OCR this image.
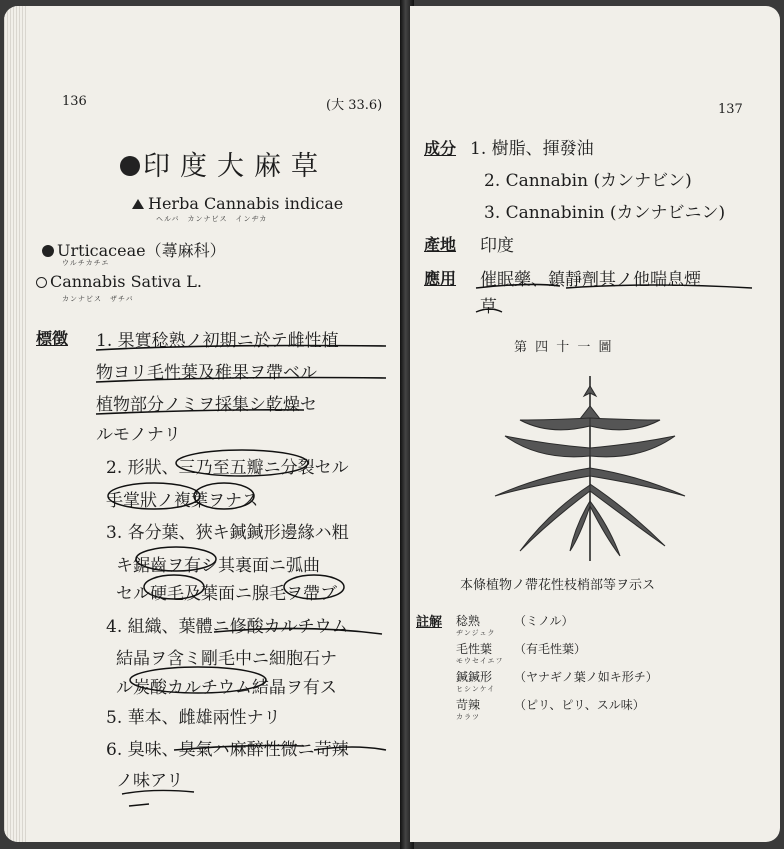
136	(大 33.6)
印度大麻草
Herba Cannabis indicae
ヘルバ　カンナビス　インヂカ
Urticaceae（蕁麻科）
ウルチカチエ
Cannabis Sativa L.
カンナビス　ザチバ
標徴 1. 果實稔熟ノ初期ニ於テ雌性植
物ヨリ毛性葉及稚果ヲ帶ベル
植物部分ノミヲ採集シ乾燥セ
ルモノナリ
2. 形狀、三乃至五瓣ニ分裂セル
手掌狀ノ複葉ヲナス
3. 各分葉、狹キ鍼鍼形邊緣ハ粗
キ鋸齒ヲ有シ其裏面ニ弧曲
セル硬毛及葉面ニ腺毛ヲ帶ブ
4. 組織、葉體ニ修酸カルチウム
結晶ヲ含ミ剛毛中ニ細胞石ナ
ル炭酸カルチウム結晶ヲ有ス
5. 華本、雌雄兩性ナリ
6. 臭味、臭氣ハ麻醉性微ニ苛辣
ノ味アリ
137
成分 1. 樹脂、揮發油
2. Cannabin (カンナビン)
3. Cannabinin (カンナビニン)
產地 印度
應用 催眠藥、鎮靜劑其ノ他喘息煙
草
第 四 十 一 圖
本條植物ノ帶花性枝梢部等ヲ示ス
註解 稔熟	（ミノル）
ヂンジュク
毛性葉 （有毛性葉）
モウセイエフ
鍼鍼形 （ヤナギノ葉ノ如キ形チ）
ヒシンケイ
苛辣	（ピリ、ピリ、スル味）
カラツ
